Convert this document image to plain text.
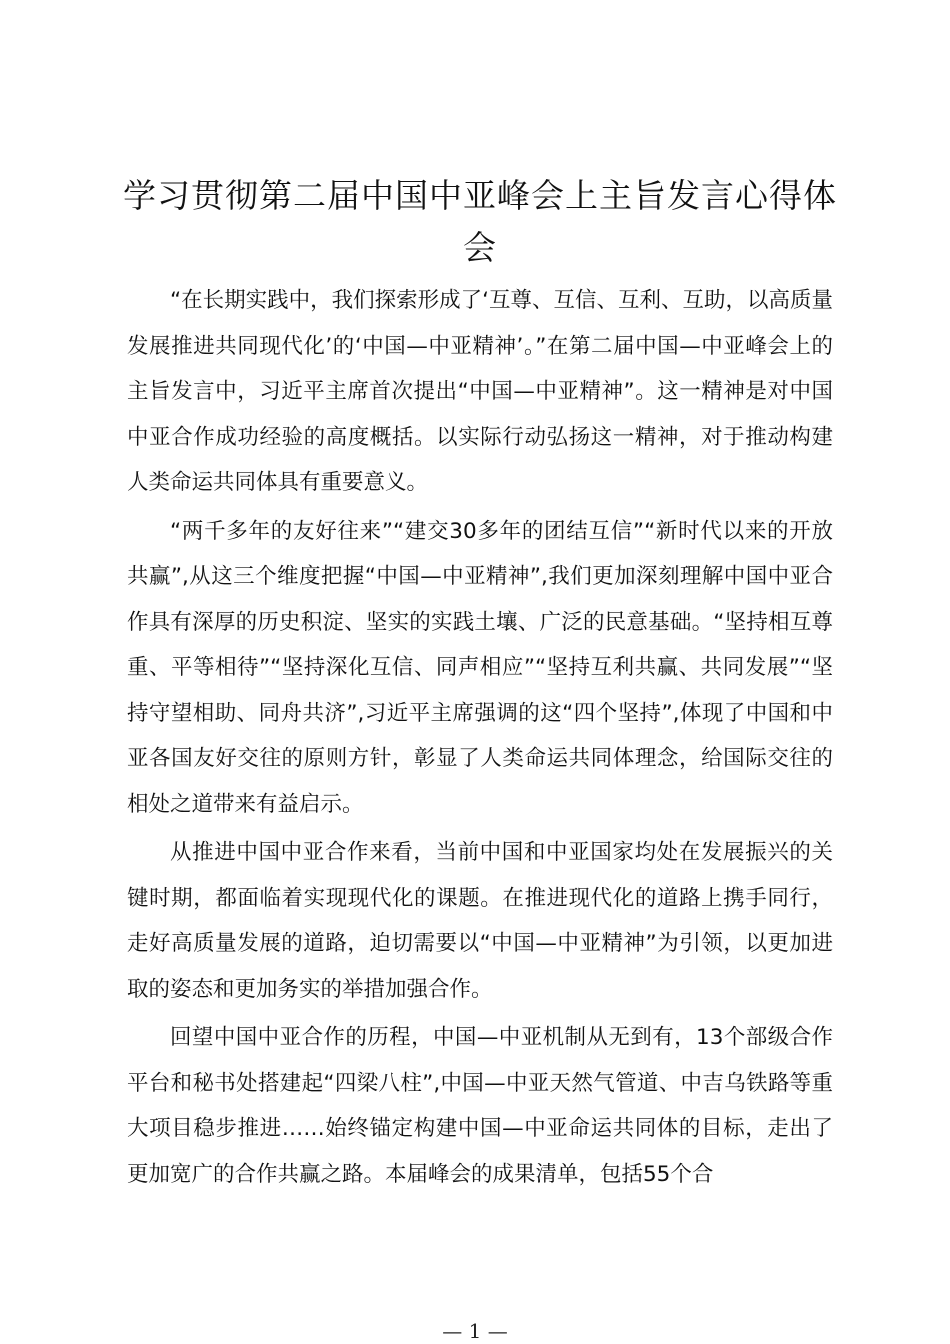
学习贯彻第二届中国中亚峰会上主旨发言心得体会

“在长期实践中，我们探索形成了‘互尊、互信、互利、互助，以高质量发展推进共同现代化’的‘中国—中亚精神’。”在第二届中国—中亚峰会上的主旨发言中，习近平主席首次提出“中国—中亚精神”。这一精神是对中国中亚合作成功经验的高度概括。以实际行动弘扬这一精神，对于推动构建人类命运共同体具有重要意义。

“两千多年的友好往来”“建交30多年的团结互信”“新时代以来的开放共赢”,从这三个维度把握“中国—中亚精神”,我们更加深刻理解中国中亚合作具有深厚的历史积淀、坚实的实践土壤、广泛的民意基础。“坚持相互尊重、平等相待”“坚持深化互信、同声相应”“坚持互利共赢、共同发展”“坚持守望相助、同舟共济”,习近平主席强调的这“四个坚持”,体现了中国和中亚各国友好交往的原则方针，彰显了人类命运共同体理念，给国际交往的相处之道带来有益启示。

从推进中国中亚合作来看，当前中国和中亚国家均处在发展振兴的关键时期，都面临着实现现代化的课题。在推进现代化的道路上携手同行，走好高质量发展的道路，迫切需要以“中国—中亚精神”为引领，以更加进取的姿态和更加务实的举措加强合作。

回望中国中亚合作的历程，中国—中亚机制从无到有，13个部级合作平台和秘书处搭建起“四梁八柱”,中国—中亚天然气管道、中吉乌铁路等重大项目稳步推进……始终锚定构建中国—中亚命运共同体的目标，走出了更加宽广的合作共赢之路。本届峰会的成果清单，包括55个合

— 1 —
